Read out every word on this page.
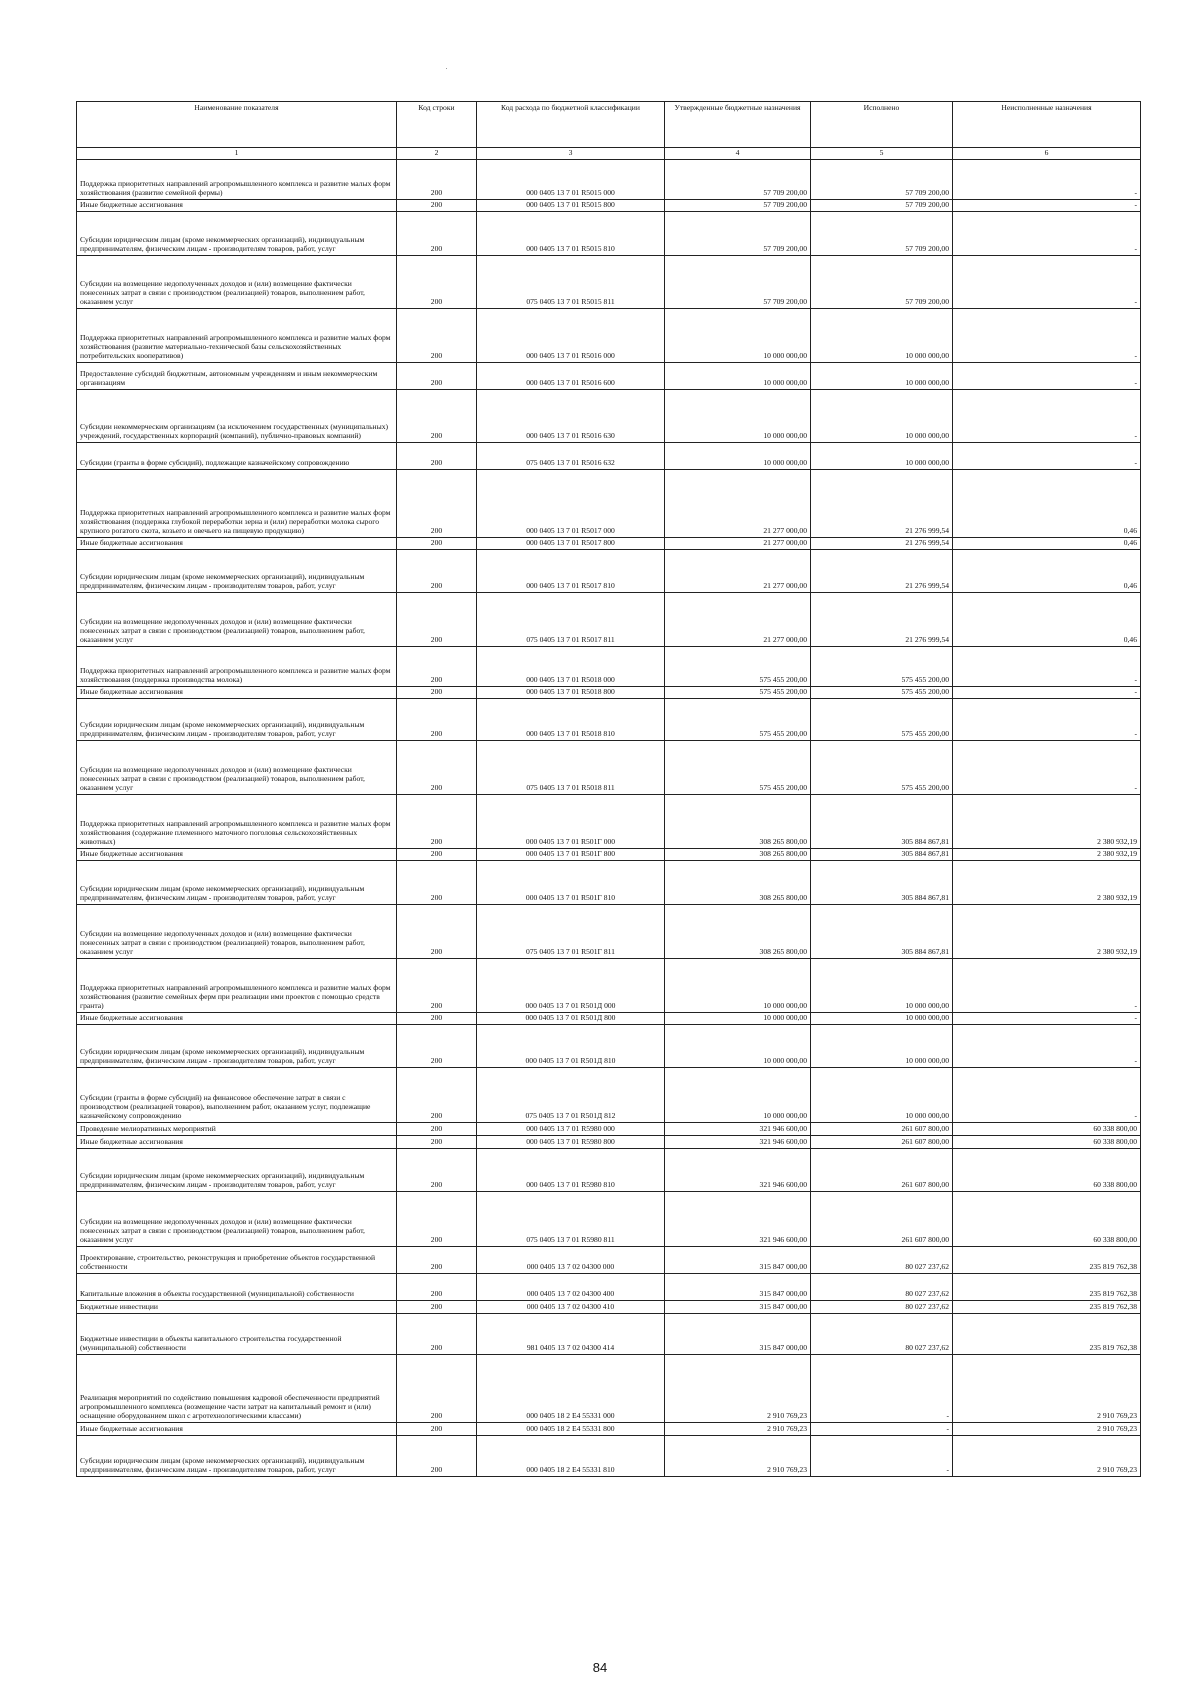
Наименование показателя	Код строки	Код расхода по бюджетной классификации	Утвержденные бюджетные назначения	Исполнено	Неисполненные назначения
1	2	3	4	5	6
Поддержка приоритетных направлений агропромышленного комплекса и развитие малых форм хозяйствования (развитие семейной фермы)	200	000 0405 13 7 01 R5015 000	57 709 200,00	57 709 200,00	-
Иные бюджетные ассигнования	200	000 0405 13 7 01 R5015 800	57 709 200,00	57 709 200,00	-
Субсидии юридическим лицам (кроме некоммерческих организаций), индивидуальным предпринимателям, физическим лицам - производителям товаров, работ, услуг	200	000 0405 13 7 01 R5015 810	57 709 200,00	57 709 200,00	-
Субсидии на возмещение недополученных доходов и (или) возмещение фактически понесенных затрат в связи с производством (реализацией) товаров, выполнением работ, оказанием услуг	200	075 0405 13 7 01 R5015 811	57 709 200,00	57 709 200,00	-
Поддержка приоритетных направлений агропромышленного комплекса и развитие малых форм хозяйствования (развитие материально-технической базы сельскохозяйственных потребительских кооперативов)	200	000 0405 13 7 01 R5016 000	10 000 000,00	10 000 000,00	-
Предоставление субсидий бюджетным, автономным учреждениям и иным некоммерческим организациям	200	000 0405 13 7 01 R5016 600	10 000 000,00	10 000 000,00	-
Субсидии некоммерческим организациям (за исключением государственных (муниципальных) учреждений, государственных корпораций (компаний), публично-правовых компаний)	200	000 0405 13 7 01 R5016 630	10 000 000,00	10 000 000,00	-
Субсидии (гранты в форме субсидий), подлежащие казначейскому сопровождению	200	075 0405 13 7 01 R5016 632	10 000 000,00	10 000 000,00	-
Поддержка приоритетных направлений агропромышленного комплекса и развитие малых форм хозяйствования (поддержка глубокой переработки зерна и (или) переработки молока сырого крупного рогатого скота, козьего и овечьего на пищевую продукцию)	200	000 0405 13 7 01 R5017 000	21 277 000,00	21 276 999,54	0,46
Иные бюджетные ассигнования	200	000 0405 13 7 01 R5017 800	21 277 000,00	21 276 999,54	0,46
Субсидии юридическим лицам (кроме некоммерческих организаций), индивидуальным предпринимателям, физическим лицам - производителям товаров, работ, услуг	200	000 0405 13 7 01 R5017 810	21 277 000,00	21 276 999,54	0,46
Субсидии на возмещение недополученных доходов и (или) возмещение фактически понесенных затрат в связи с производством (реализацией) товаров, выполнением работ, оказанием услуг	200	075 0405 13 7 01 R5017 811	21 277 000,00	21 276 999,54	0,46
Поддержка приоритетных направлений агропромышленного комплекса и развитие малых форм хозяйствования (поддержка производства молока)	200	000 0405 13 7 01 R5018 000	575 455 200,00	575 455 200,00	-
Иные бюджетные ассигнования	200	000 0405 13 7 01 R5018 800	575 455 200,00	575 455 200,00	-
Субсидии юридическим лицам (кроме некоммерческих организаций), индивидуальным предпринимателям, физическим лицам - производителям товаров, работ, услуг	200	000 0405 13 7 01 R5018 810	575 455 200,00	575 455 200,00	-
Субсидии на возмещение недополученных доходов и (или) возмещение фактически понесенных затрат в связи с производством (реализацией) товаров, выполнением работ, оказанием услуг	200	075 0405 13 7 01 R5018 811	575 455 200,00	575 455 200,00	-
Поддержка приоритетных направлений агропромышленного комплекса и развитие малых форм хозяйствования (содержание племенного маточного поголовья сельскохозяйственных животных)	200	000 0405 13 7 01 R501Г 000	308 265 800,00	305 884 867,81	2 380 932,19
Иные бюджетные ассигнования	200	000 0405 13 7 01 R501Г 800	308 265 800,00	305 884 867,81	2 380 932,19
Субсидии юридическим лицам (кроме некоммерческих организаций), индивидуальным предпринимателям, физическим лицам - производителям товаров, работ, услуг	200	000 0405 13 7 01 R501Г 810	308 265 800,00	305 884 867,81	2 380 932,19
Субсидии на возмещение недополученных доходов и (или) возмещение фактически понесенных затрат в связи с производством (реализацией) товаров, выполнением работ, оказанием услуг	200	075 0405 13 7 01 R501Г 811	308 265 800,00	305 884 867,81	2 380 932,19
Поддержка приоритетных направлений агропромышленного комплекса и развитие малых форм хозяйствования (развитие семейных ферм при реализации ими проектов с помощью средств гранта)	200	000 0405 13 7 01 R501Д 000	10 000 000,00	10 000 000,00	-
Иные бюджетные ассигнования	200	000 0405 13 7 01 R501Д 800	10 000 000,00	10 000 000,00	-
Субсидии юридическим лицам (кроме некоммерческих организаций), индивидуальным предпринимателям, физическим лицам - производителям товаров, работ, услуг	200	000 0405 13 7 01 R501Д 810	10 000 000,00	10 000 000,00	-
Субсидии (гранты в форме субсидий) на финансовое обеспечение затрат в связи с производством (реализацией товаров), выполнением работ, оказанием услуг, подлежащие казначейскому сопровождению	200	075 0405 13 7 01 R501Д 812	10 000 000,00	10 000 000,00	-
Проведение мелиоративных мероприятий	200	000 0405 13 7 01 R5980 000	321 946 600,00	261 607 800,00	60 338 800,00
Иные бюджетные ассигнования	200	000 0405 13 7 01 R5980 800	321 946 600,00	261 607 800,00	60 338 800,00
Субсидии юридическим лицам (кроме некоммерческих организаций), индивидуальным предпринимателям, физическим лицам - производителям товаров, работ, услуг	200	000 0405 13 7 01 R5980 810	321 946 600,00	261 607 800,00	60 338 800,00
Субсидии на возмещение недополученных доходов и (или) возмещение фактически понесенных затрат в связи с производством (реализацией) товаров, выполнением работ, оказанием услуг	200	075 0405 13 7 01 R5980 811	321 946 600,00	261 607 800,00	60 338 800,00
Проектирование, строительство, реконструкция и приобретение объектов государственной собственности	200	000 0405 13 7 02 04300 000	315 847 000,00	80 027 237,62	235 819 762,38
Капитальные вложения в объекты государственной (муниципальной) собственности	200	000 0405 13 7 02 04300 400	315 847 000,00	80 027 237,62	235 819 762,38
Бюджетные инвестиции	200	000 0405 13 7 02 04300 410	315 847 000,00	80 027 237,62	235 819 762,38
Бюджетные инвестиции в объекты капитального строительства государственной (муниципальной) собственности	200	981 0405 13 7 02 04300 414	315 847 000,00	80 027 237,62	235 819 762,38
Реализация мероприятий по содействию повышения кадровой обеспеченности предприятий агропромышленного комплекса (возмещение части затрат на капитальный ремонт и (или) оснащение оборудованием школ с агротехнологическими классами)	200	000 0405 18 2 E4 55331 000	2 910 769,23	-	2 910 769,23
Иные бюджетные ассигнования	200	000 0405 18 2 E4 55331 800	2 910 769,23	-	2 910 769,23
Субсидии юридическим лицам (кроме некоммерческих организаций), индивидуальным предпринимателям, физическим лицам - производителям товаров, работ, услуг	200	000 0405 18 2 E4 55331 810	2 910 769,23	-	2 910 769,23
84
